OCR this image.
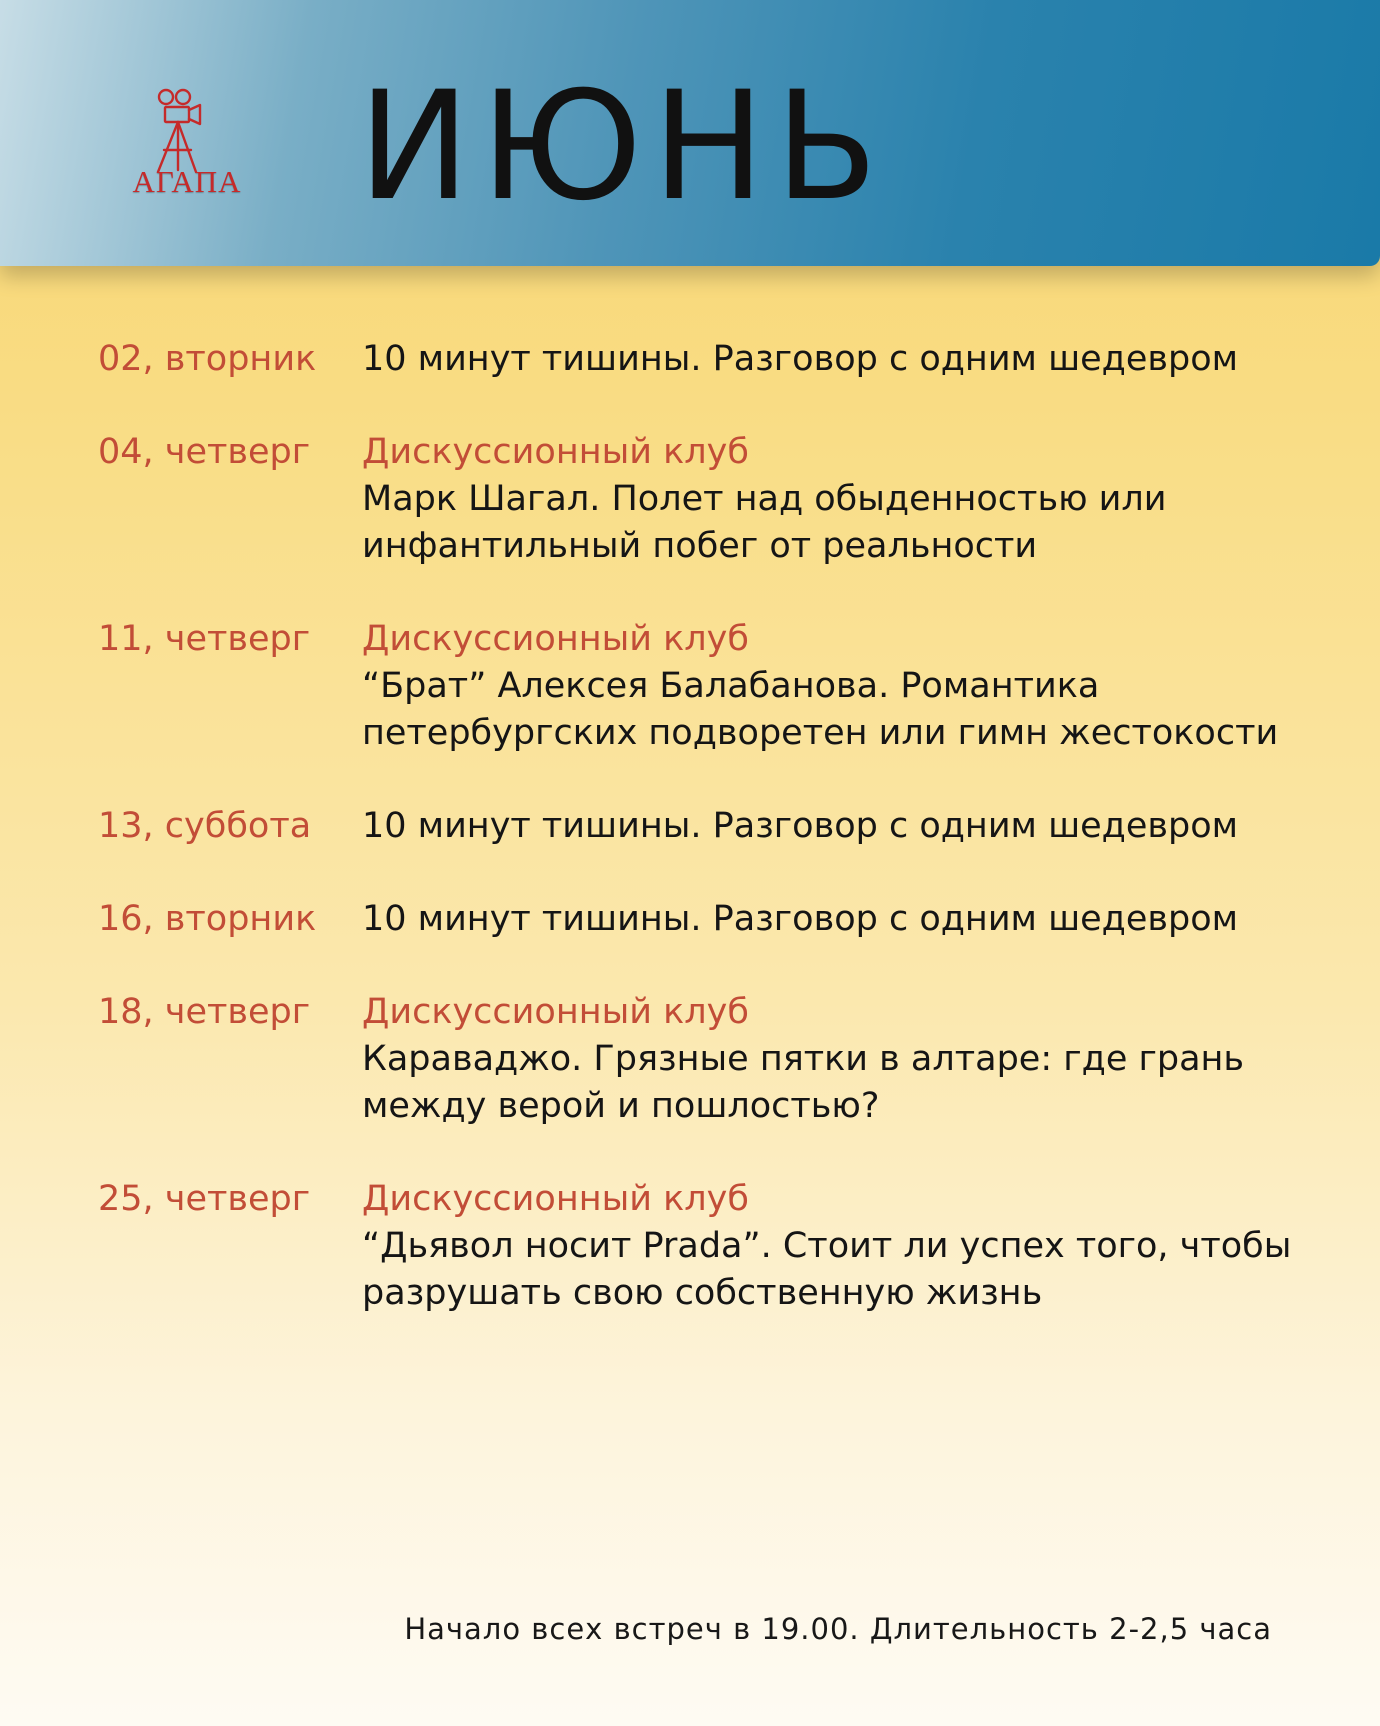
АГАПА ИЮНЬ
02, вторник	10 минут тишины. Разговор с одним шедевром
04, четверг	Дискуссионный клуб
Марк Шагал. Полет над обыденностью или инфантильный побег от реальности
11, четверг	Дискуссионный клуб
“Брат” Алексея Балабанова. Романтика петербургских подворетен или гимн жестокости
13, суббота	10 минут тишины. Разговор с одним шедевром
16, вторник	10 минут тишины. Разговор с одним шедевром
18, четверг	Дискуссионный клуб
Караваджо. Грязные пятки в алтаре: где грань между верой и пошлостью?
25, четверг	Дискуссионный клуб
“Дьявол носит Prada”. Стоит ли успех того, чтобы разрушать свою собственную жизнь

Начало всех встреч в 19.00. Длительность 2-2,5 часа
